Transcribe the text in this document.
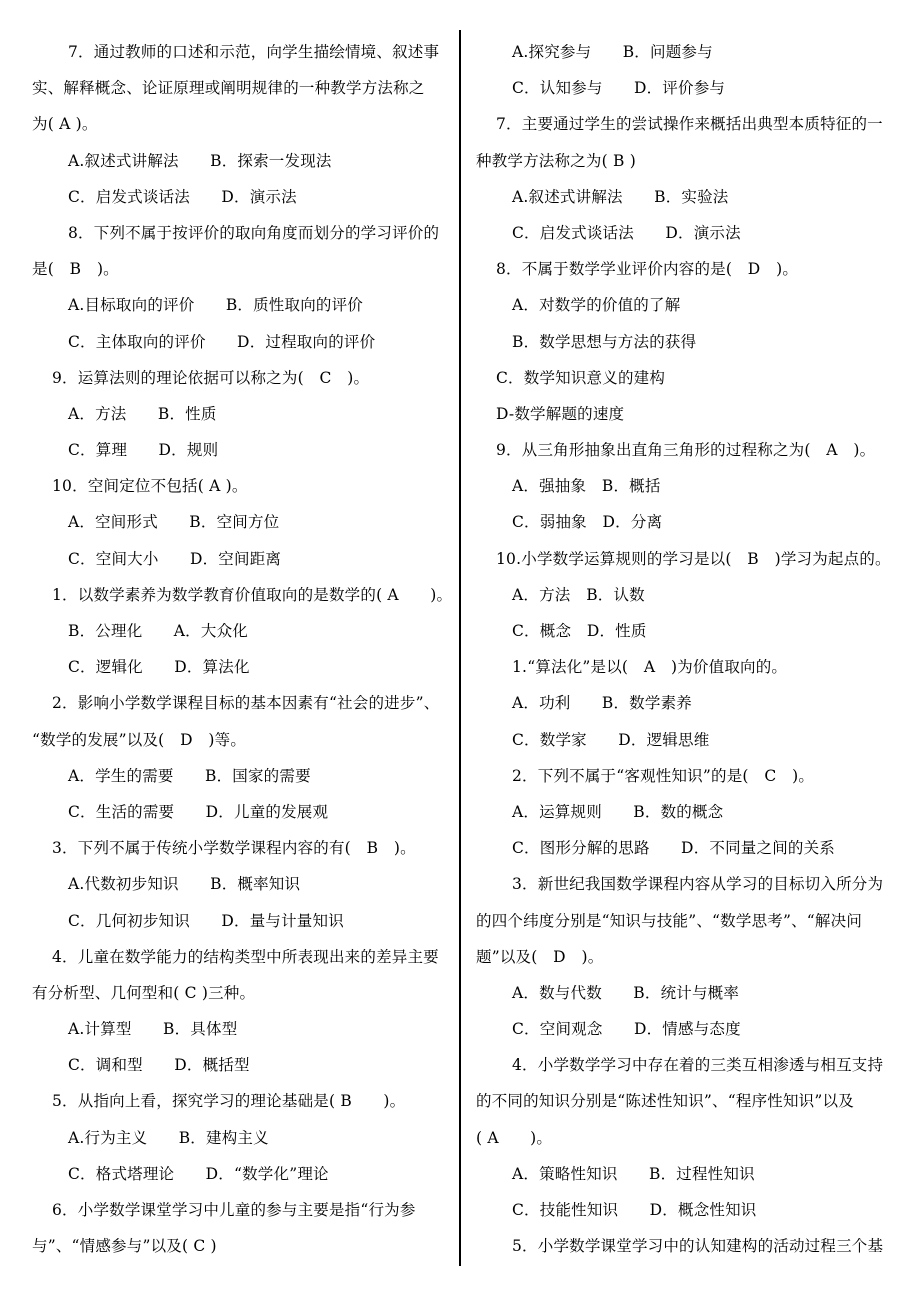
7．通过教师的口述和示范，向学生描绘情境、叙述事
实、解释概念、论证原理或阐明规律的一种教学方法称之
为( A )。
A.叙述式讲解法　　B．探索一发现法
C．启发式谈话法　　D．演示法
8．下列不属于按评价的取向角度而划分的学习评价的
是(　B　)。
A.目标取向的评价　　B．质性取向的评价
C．主体取向的评价　　D．过程取向的评价
9．运算法则的理论依据可以称之为(　C　)。
A．方法　　B．性质
C．算理　　D．规则
10．空间定位不包括( A )。
A．空间形式　　B．空间方位
C．空间大小　　D．空间距离
1．以数学素养为数学教育价值取向的是数学的( A　　)。
B．公理化　　A．大众化
C．逻辑化　　D．算法化
2．影响小学数学课程目标的基本因素有“社会的进步”、
“数学的发展”以及(　D　)等。
A．学生的需要　　B．国家的需要
C．生活的需要　　D．儿童的发展观
3．下列不属于传统小学数学课程内容的有(　B　)。
A.代数初步知识　　B．概率知识
C．几何初步知识　　D．量与计量知识
4．儿童在数学能力的结构类型中所表现出来的差异主要
有分析型、几何型和( C )三种。
A.计算型　　B．具体型
C．调和型　　D．概括型
5．从指向上看，探究学习的理论基础是( B　　)。
A.行为主义　　B．建构主义
C．格式塔理论　　D．“数学化”理论
6．小学数学课堂学习中儿童的参与主要是指“行为参
与”、“情感参与”以及( C )
A.探究参与　　B．问题参与
C．认知参与　　D．评价参与
7．主要通过学生的尝试操作来概括出典型本质特征的一
种教学方法称之为( B )
A.叙述式讲解法　　B．实验法
C．启发式谈话法　　D．演示法
8．不属于数学学业评价内容的是(　D　)。
A．对数学的价值的了解
B．数学思想与方法的获得
C．数学知识意义的建构
D-数学解题的速度
9．从三角形抽象出直角三角形的过程称之为(　A　)。
A．强抽象　B．概括
C．弱抽象　D．分离
10.小学数学运算规则的学习是以(　B　)学习为起点的。
A．方法　B．认数
C．概念　D．性质
1.“算法化”是以(　A　)为价值取向的。
A．功利　　B．数学素养
C．数学家　　D．逻辑思维
2．下列不属于“客观性知识”的是(　C　)。
A．运算规则　　B．数的概念
C．图形分解的思路　　D．不同量之间的关系
3．新世纪我国数学课程内容从学习的目标切入所分为
的四个纬度分别是“知识与技能”、“数学思考”、“解决问
题”以及(　D　)。
A．数与代数　　B．统计与概率
C．空间观念　　D．情感与态度
4．小学数学学习中存在着的三类互相渗透与相互支持
的不同的知识分别是“陈述性知识”、“程序性知识”以及
( A　　)。
A．策略性知识　　B．过程性知识
C．技能性知识　　D．概念性知识
5．小学数学课堂学习中的认知建构的活动过程三个基
